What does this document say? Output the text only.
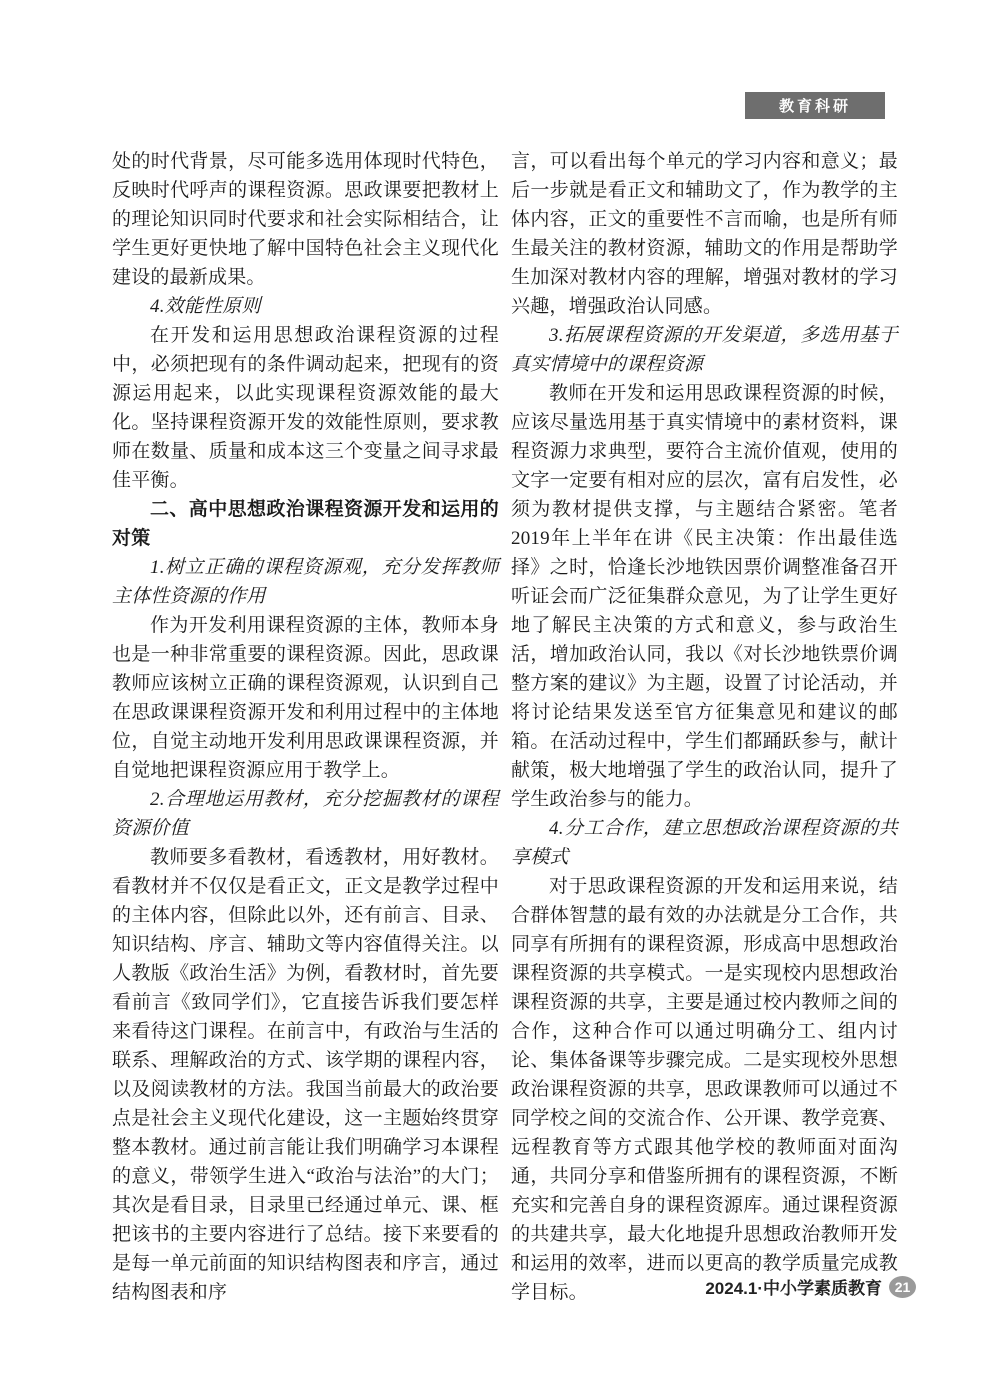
教育科研

处的时代背景，尽可能多选用体现时代特色，反映时代呼声的课程资源。思政课要把教材上的理论知识同时代要求和社会实际相结合，让学生更好更快地了解中国特色社会主义现代化建设的最新成果。

4.效能性原则

在开发和运用思想政治课程资源的过程中，必须把现有的条件调动起来，把现有的资源运用起来，以此实现课程资源效能的最大化。坚持课程资源开发的效能性原则，要求教师在数量、质量和成本这三个变量之间寻求最佳平衡。

二、高中思想政治课程资源开发和运用的对策

1.树立正确的课程资源观，充分发挥教师主体性资源的作用

作为开发利用课程资源的主体，教师本身也是一种非常重要的课程资源。因此，思政课教师应该树立正确的课程资源观，认识到自己在思政课课程资源开发和利用过程中的主体地位，自觉主动地开发利用思政课课程资源，并自觉地把课程资源应用于教学上。

2.合理地运用教材，充分挖掘教材的课程资源价值

教师要多看教材，看透教材，用好教材。看教材并不仅仅是看正文，正文是教学过程中的主体内容，但除此以外，还有前言、目录、知识结构、序言、辅助文等内容值得关注。以人教版《政治生活》为例，看教材时，首先要看前言《致同学们》，它直接告诉我们要怎样来看待这门课程。在前言中，有政治与生活的联系、理解政治的方式、该学期的课程内容，以及阅读教材的方法。我国当前最大的政治要点是社会主义现代化建设，这一主题始终贯穿整本教材。通过前言能让我们明确学习本课程的意义，带领学生进入“政治与法治”的大门；其次是看目录，目录里已经通过单元、课、框把该书的主要内容进行了总结。接下来要看的是每一单元前面的知识结构图表和序言，通过结构图表和序

言，可以看出每个单元的学习内容和意义；最后一步就是看正文和辅助文了，作为教学的主体内容，正文的重要性不言而喻，也是所有师生最关注的教材资源，辅助文的作用是帮助学生加深对教材内容的理解，增强对教材的学习兴趣，增强政治认同感。

3.拓展课程资源的开发渠道，多选用基于真实情境中的课程资源

教师在开发和运用思政课程资源的时候，应该尽量选用基于真实情境中的素材资料，课程资源力求典型，要符合主流价值观，使用的文字一定要有相对应的层次，富有启发性，必须为教材提供支撑，与主题结合紧密。笔者2019年上半年在讲《民主决策：作出最佳选择》之时，恰逢长沙地铁因票价调整准备召开听证会而广泛征集群众意见，为了让学生更好地了解民主决策的方式和意义，参与政治生活，增加政治认同，我以《对长沙地铁票价调整方案的建议》为主题，设置了讨论活动，并将讨论结果发送至官方征集意见和建议的邮箱。在活动过程中，学生们都踊跃参与，献计献策，极大地增强了学生的政治认同，提升了学生政治参与的能力。

4.分工合作，建立思想政治课程资源的共享模式

对于思政课程资源的开发和运用来说，结合群体智慧的最有效的办法就是分工合作，共同享有所拥有的课程资源，形成高中思想政治课程资源的共享模式。一是实现校内思想政治课程资源的共享，主要是通过校内教师之间的合作，这种合作可以通过明确分工、组内讨论、集体备课等步骤完成。二是实现校外思想政治课程资源的共享，思政课教师可以通过不同学校之间的交流合作、公开课、教学竞赛、远程教育等方式跟其他学校的教师面对面沟通，共同分享和借鉴所拥有的课程资源，不断充实和完善自身的课程资源库。通过课程资源的共建共享，最大化地提升思想政治教师开发和运用的效率，进而以更高的教学质量完成教学目标。	2024.1·中小学素质教育 21
